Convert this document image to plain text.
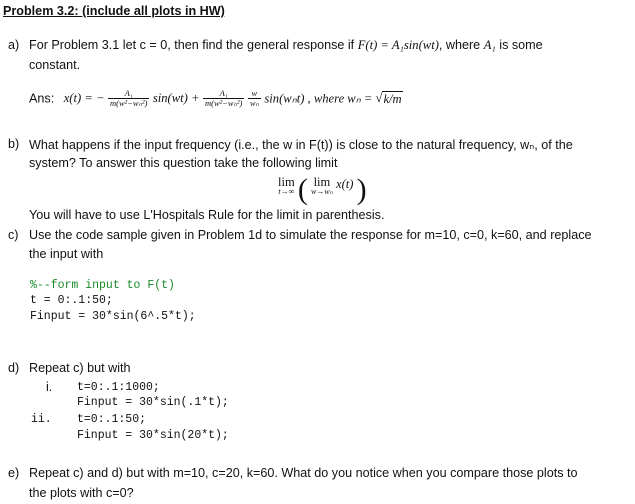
Problem 3.2: (include all plots in HW)
a) For Problem 3.1 let c = 0, then find the general response if F(t) = A₁sin(wt), where A₁ is some
constant.
Ans: x(t) = − $\frac{\text{A₁}}{\text{m(w²−wₙ²)}} \sin(wt) + \frac{\text{A₁}}{\text{m(w²−wₙ²)}}$
$\frac{w}{\text{wₙ}} \sin(w_nt)$ , where wₙ = √k/m
b) What happens if the input frequency (i.e., the w in F(t)) is close to the natural frequency, wₙ, of the
system? To answer this question take the following limit
lim
t→∞ ( lim
w→wₙ
x(t) )
You will have to use L'Hospitals Rule for the limit in parenthesis.
c) Use the code sample given in Problem 1d to simulate the response for m=10, c=0, k=60, and replace
the input with
%--form input to F(t)
t = 0:.1:50;
Finput = 30*sin(6^.5*t);
d) Repeat c) but with
i. t=0:.1:1000;
Finput = 30*sin(.1*t);
ii. t=0:.1:50;
Finput = 30*sin(20*t);
e) Repeat c) and d) but with m=10, c=20, k=60. What do you notice when you compare those plots to
the plots with c=0?
